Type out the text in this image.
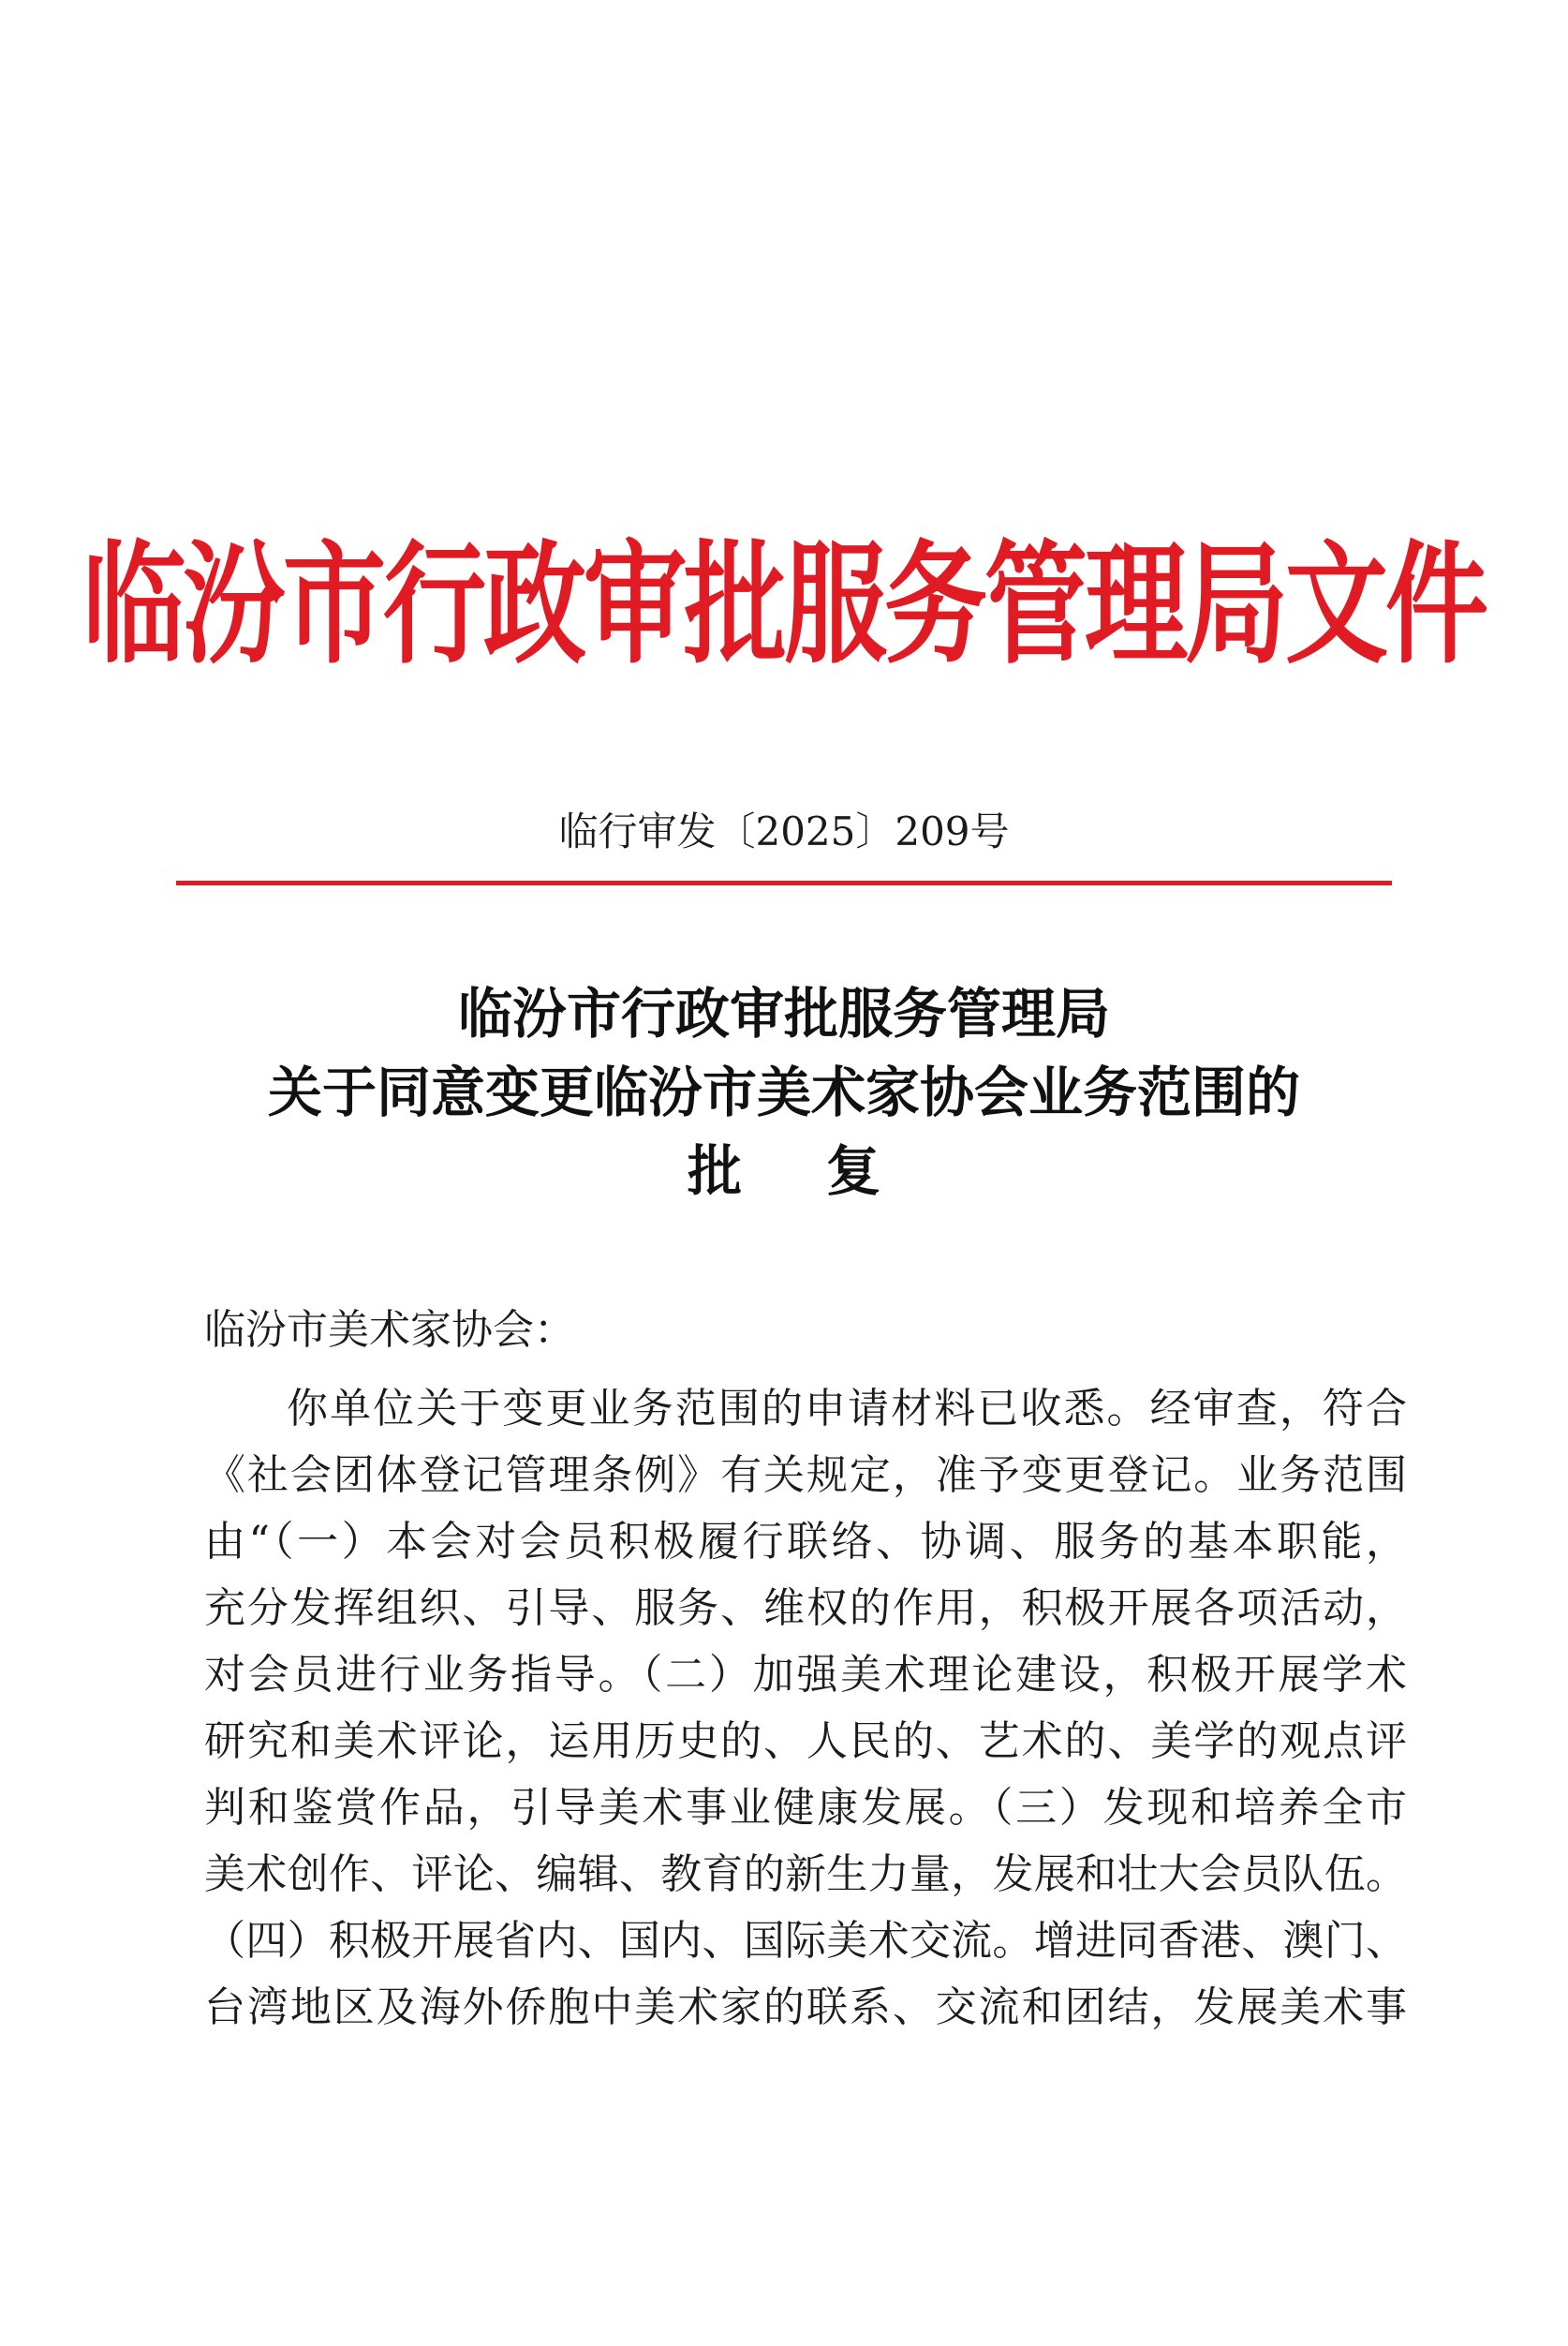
临汾市行政审批服务管理局文件
临行审发〔2025〕209号
临汾市行政审批服务管理局
关于同意变更临汾市美术家协会业务范围的
批复
临汾市美术家协会：
你单位关于变更业务范围的申请材料已收悉。经审查，符合
《社会团体登记管理条例》有关规定，准予变更登记。业务范围
由“（一）本会对会员积极履行联络、协调、服务的基本职能，
充分发挥组织、引导、服务、维权的作用，积极开展各项活动，
对会员进行业务指导。（二）加强美术理论建设，积极开展学术
研究和美术评论，运用历史的、人民的、艺术的、美学的观点评
判和鉴赏作品，引导美术事业健康发展。（三）发现和培养全市
美术创作、评论、编辑、教育的新生力量，发展和壮大会员队伍。
（四）积极开展省内、国内、国际美术交流。增进同香港、澳门、
台湾地区及海外侨胞中美术家的联系、交流和团结，发展美术事
